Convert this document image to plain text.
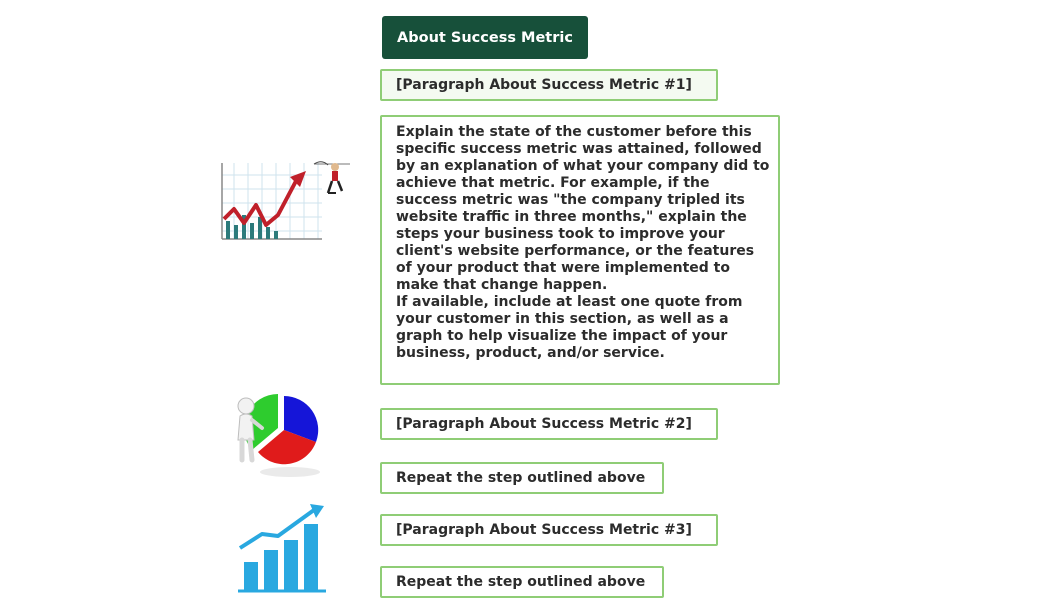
About Success Metric
[Paragraph About Success Metric #1]

Explain the state of the customer before this specific success metric was attained, followed by an explanation of what your company did to achieve that metric. For example, if the success metric was "the company tripled its website traffic in three months," explain the steps your business took to improve your client's website performance, or the features of your product that were implemented to make that change happen.

If available, include at least one quote from your customer in this section, as well as a graph to help visualize the impact of your business, product, and/or service.

[Paragraph About Success Metric #2]
Repeat the step outlined above
[Paragraph About Success Metric #3]
Repeat the step outlined above
